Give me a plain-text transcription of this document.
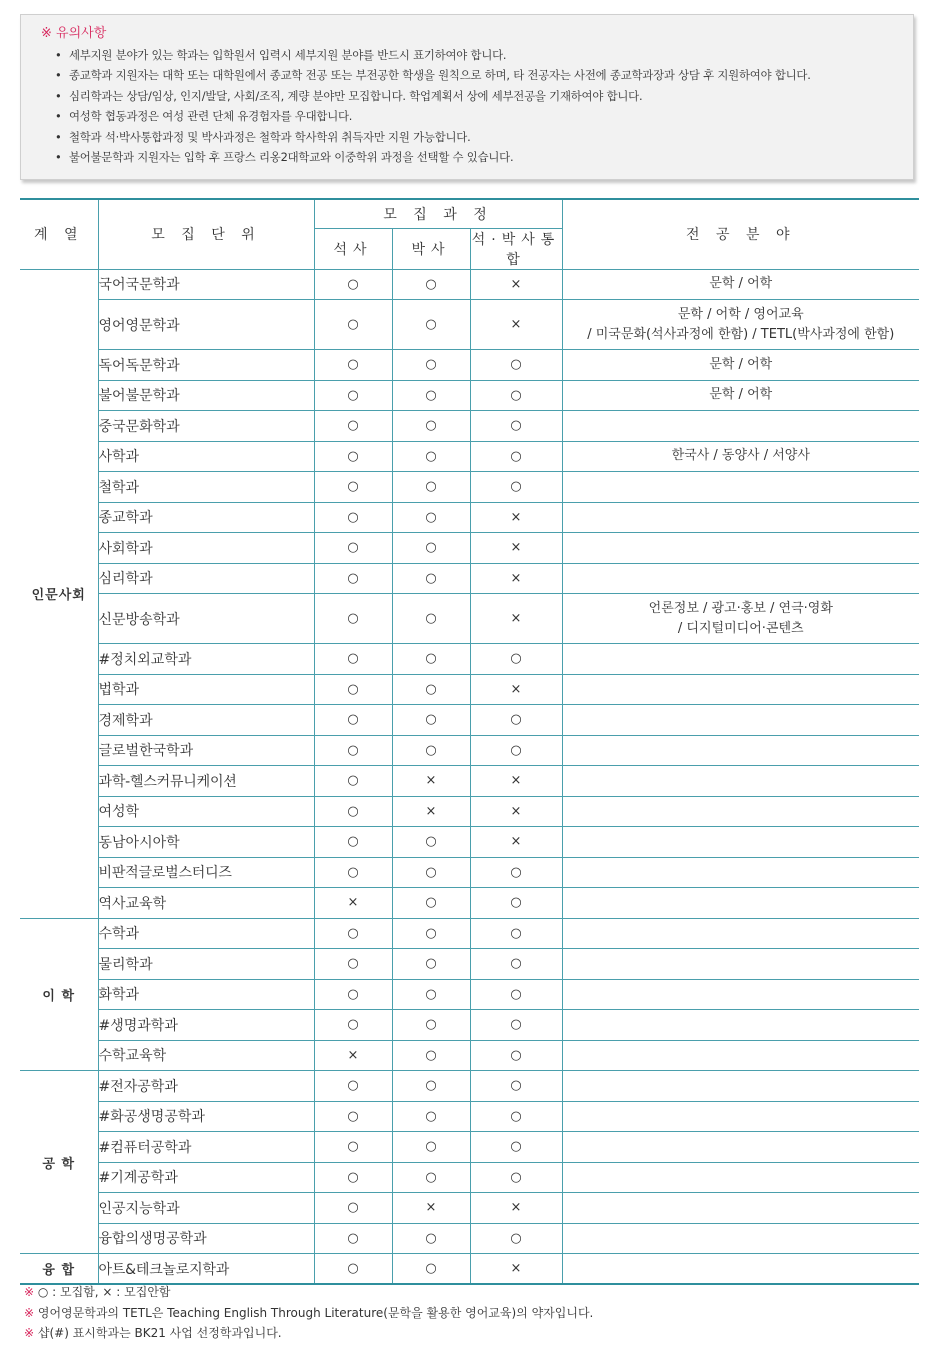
※ 유의사항
• 세부지원 분야가 있는 학과는 입학원서 입력시 세부지원 분야를 반드시 표기하여야 합니다.
• 종교학과 지원자는 대학 또는 대학원에서 종교학 전공 또는 부전공한 학생을 원칙으로 하며, 타 전공자는 사전에 종교학과장과 상담 후 지원하여야 합니다.
• 심리학과는 상담/임상, 인지/발달, 사회/조직, 계량 분야만 모집합니다. 학업계획서 상에 세부전공을 기재하여야 합니다.
• 여성학 협동과정은 여성 관련 단체 유경험자를 우대합니다.
• 철학과 석·박사통합과정 및 박사과정은 철학과 학사학위 취득자만 지원 가능합니다.
• 불어불문학과 지원자는 입학 후 프랑스 리옹2대학교와 이중학위 과정을 선택할 수 있습니다.
계 열	모 집 단 위	모 집 과 정			전 공 분 야
		석사	박사	석·박사통합	
인문사회	국어국문학과	○	○	×	문학 / 어학

	영어영문학과	○	○	×	문학 / 어학 / 영어교육
/ 미국문화(석사과정에 한함) / TETL(박사과정에 한함)

	독어독문학과	○	○	○	문학 / 어학

	불어불문학과	○	○	○	문학 / 어학

	중국문화학과	○	○	○	

	사학과	○	○	○	한국사 / 동양사 / 서양사

	철학과	○	○	○	

	종교학과	○	○	×	

	사회학과	○	○	×	

	심리학과	○	○	×	

	신문방송학과	○	○	×	언론정보 / 광고·홍보 / 연극·영화
/ 디지털미디어·콘텐츠

	#정치외교학과	○	○	○	

	법학과	○	○	×	

	경제학과	○	○	○	

	글로벌한국학과	○	○	○	

	과학-헬스커뮤니케이션	○	×	×	

	여성학	○	×	×	

	동남아시아학	○	○	×	

	비판적글로벌스터디즈	○	○	○	

	역사교육학	×	○	○	
이 학	수학과	○	○	○	

	물리학과	○	○	○	

	화학과	○	○	○	

	#생명과학과	○	○	○	

	수학교육학	×	○	○	
공 학	#전자공학과	○	○	○	

	#화공생명공학과	○	○	○	

	#컴퓨터공학과	○	○	○	

	#기계공학과	○	○	○	

	인공지능학과	○	×	×	

	융합의생명공학과	○	○	○	
융 합	아트&테크놀로지학과	○	○	×	
※ ○ : 모집함, × : 모집안함
※ 영어영문학과의 TETL은 Teaching English Through Literature(문학을 활용한 영어교육)의 약자입니다.
※ 샵(#) 표시학과는 BK21 사업 선정학과입니다.
